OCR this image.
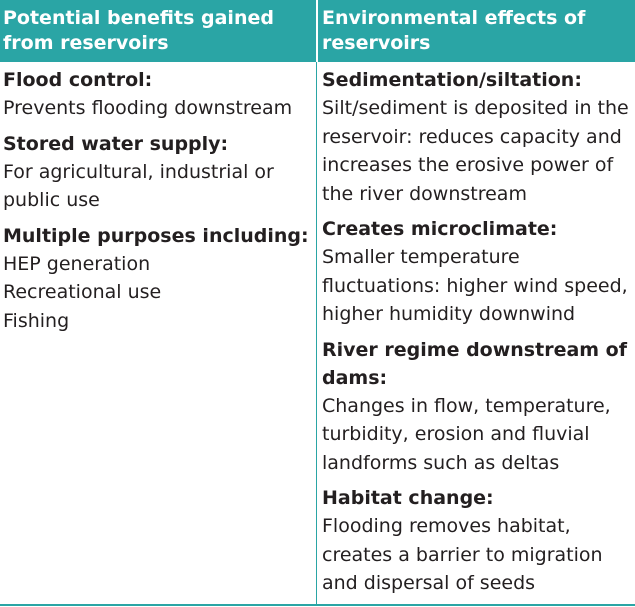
Potential benefits gained from reservoirs
Environmental effects of reservoirs
Flood control:
Prevents flooding downstream
Stored water supply:
For agricultural, industrial or public use
Multiple purposes including:
HEP generation
Recreational use
Fishing
Sedimentation/siltation:
Silt/sediment is deposited in the reservoir: reduces capacity and increases the erosive power of the river downstream
Creates microclimate:
Smaller temperature fluctuations: higher wind speed, higher humidity downwind
River regime downstream of dams:
Changes in flow, temperature, turbidity, erosion and fluvial landforms such as deltas
Habitat change:
Flooding removes habitat, creates a barrier to migration and dispersal of seeds
